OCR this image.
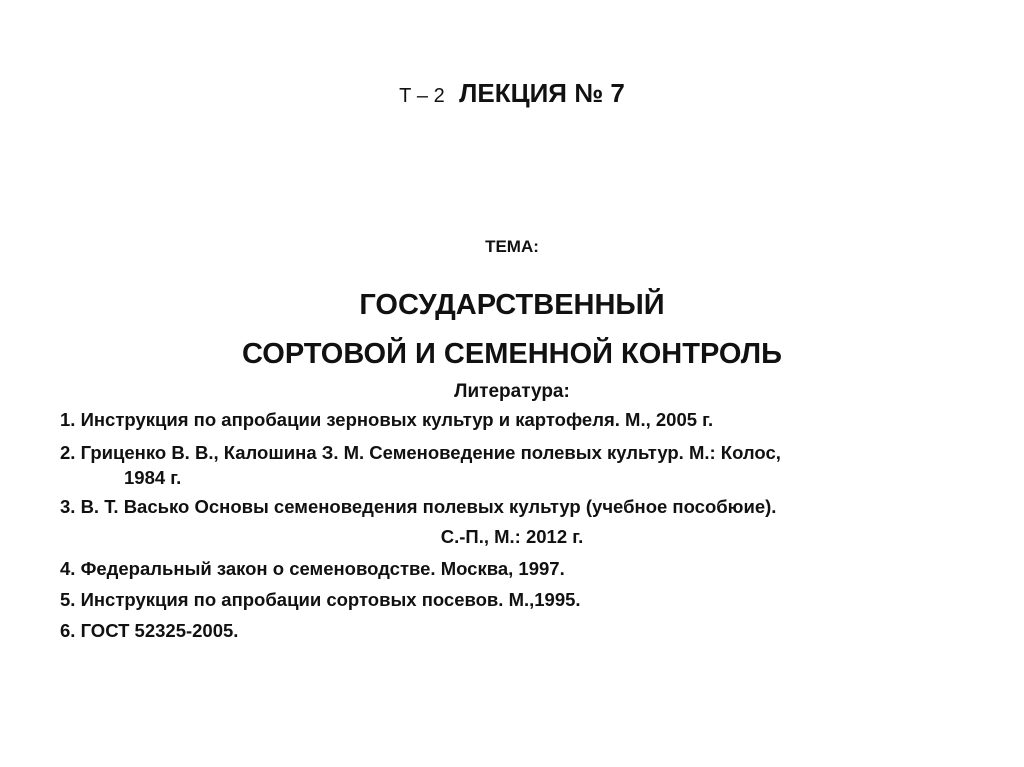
Т – 2 ЛЕКЦИЯ № 7
ТЕМА:
ГОСУДАРСТВЕННЫЙ
СОРТОВОЙ И СЕМЕННОЙ КОНТРОЛЬ
Литература:
1. Инструкция по апробации зерновых культур и картофеля. М., 2005 г.
2. Гриценко В. В., Калошина З. М. Семеноведение полевых культур. М.: Колос,
1984 г.
3. В. Т. Васько Основы семеноведения полевых культур (учебное пособюие).
С.-П., М.: 2012 г.
4. Федеральный закон о семеноводстве. Москва, 1997.
5. Инструкция по апробации сортовых посевов. М.,1995.
6. ГОСТ 52325-2005.
